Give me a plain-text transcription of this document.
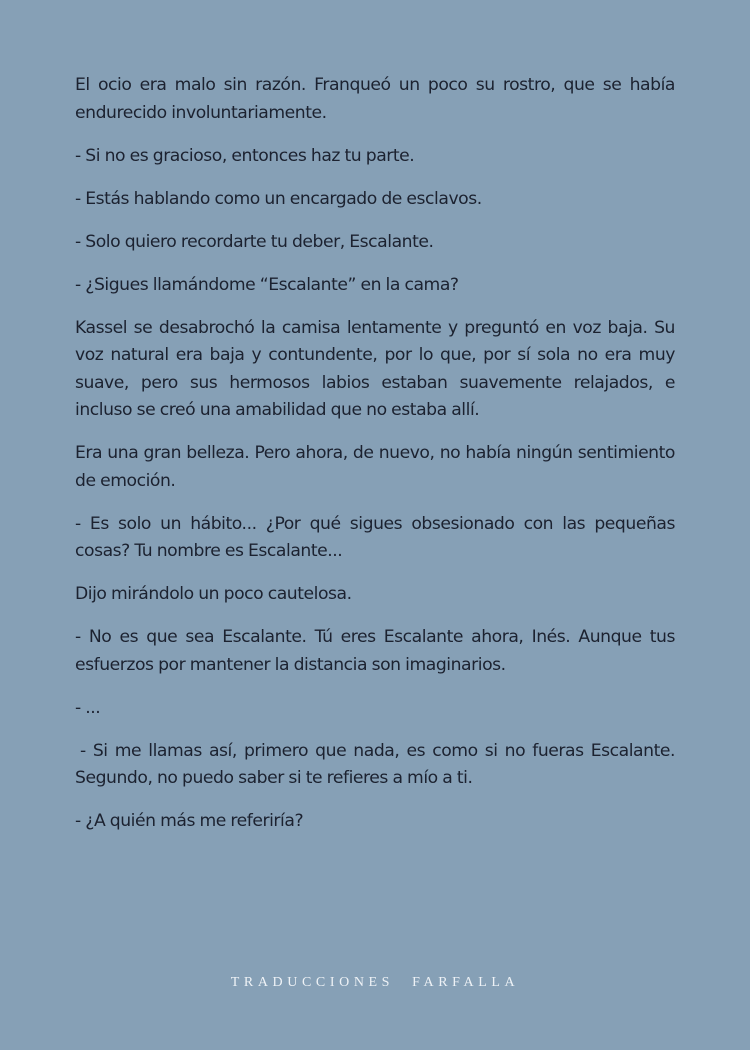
El ocio era malo sin razón. Franqueó un poco su rostro, que se había endurecido involuntariamente.

- Si no es gracioso, entonces haz tu parte.

- Estás hablando como un encargado de esclavos.

- Solo quiero recordarte tu deber, Escalante.

- ¿Sigues llamándome “Escalante” en la cama?

Kassel se desabrochó la camisa lentamente y preguntó en voz baja. Su voz natural era baja y contundente, por lo que, por sí sola no era muy suave, pero sus hermosos labios estaban suavemente relajados, e incluso se creó una amabilidad que no estaba allí.

Era una gran belleza. Pero ahora, de nuevo, no había ningún sentimiento de emoción.

- Es solo un hábito... ¿Por qué sigues obsesionado con las pequeñas cosas? Tu nombre es Escalante...

Dijo mirándolo un poco cautelosa.

- No es que sea Escalante. Tú eres Escalante ahora, Inés. Aunque tus esfuerzos por mantener la distancia son imaginarios.

- ...

- Si me llamas así, primero que nada, es como si no fueras Escalante. Segundo, no puedo saber si te refieres a mío a ti.

- ¿A quién más me referiría?

TRADUCCIONES FARFALLA
